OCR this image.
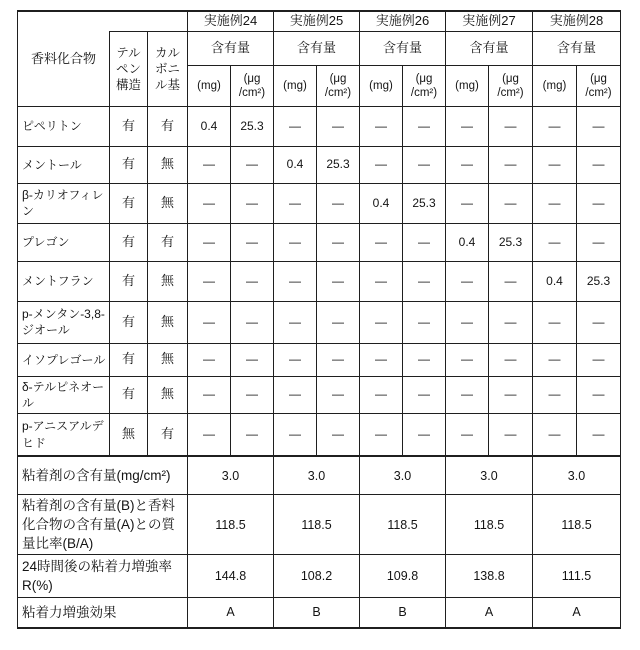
香料化合物			実施例24		実施例25		実施例26		実施例27		実施例28	
	テルペン構造	カルボニル基	含有量		含有量		含有量		含有量		含有量	
			(mg)	(μg /cm²)	(mg)	(μg /cm²)	(mg)	(μg /cm²)	(mg)	(μg /cm²)	(mg)	(μg /cm²)
ピペリトン	有	有	0.4	25.3	—	—	—	—	—	—	—	—
メントール	有	無	—	—	0.4	25.3	—	—	—	—	—	—
β-カリオフィレン	有	無	—	—	—	—	0.4	25.3	—	—	—	—
プレゴン	有	有	—	—	—	—	—	—	0.4	25.3	—	—
メントフラン	有	無	—	—	—	—	—	—	—	—	0.4	25.3
p-メンタン-3,8-ジオール	有	無	—	—	—	—	—	—	—	—	—	—
イソプレゴール	有	無	—	—	—	—	—	—	—	—	—	—
δ-テルピネオール	有	無	—	—	—	—	—	—	—	—	—	—
p-アニスアルデヒド	無	有	—	—	—	—	—	—	—	—	—	—
粘着剤の含有量(mg/cm²)			3.0		3.0		3.0		3.0		3.0	
粘着剤の含有量(B)と香料化合物の含有量(A)との質量比率(B/A)			118.5		118.5		118.5		118.5		118.5	
24時間後の粘着力増強率 R(%)			144.8		108.2		109.8		138.8		111.5	
粘着力増強効果			A		B		B		A		A	
